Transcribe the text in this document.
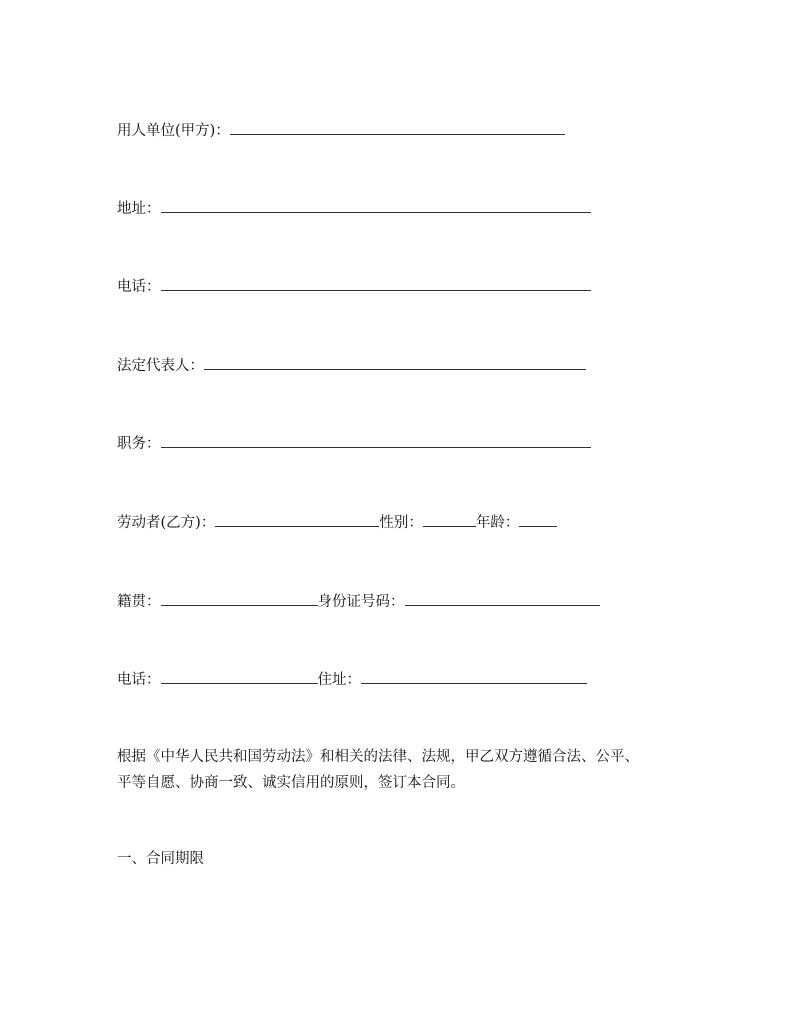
用人单位(甲方)：
地址：
电话：
法定代表人：
职务：
劳动者(乙方)：	性别：	年龄：
籍贯：	身份证号码：
电话：	住址：
根据《中华人民共和国劳动法》和相关的法律、法规，甲乙双方遵循合法、公平、
平等自愿、协商一致、诚实信用的原则，签订本合同。
一、合同期限
